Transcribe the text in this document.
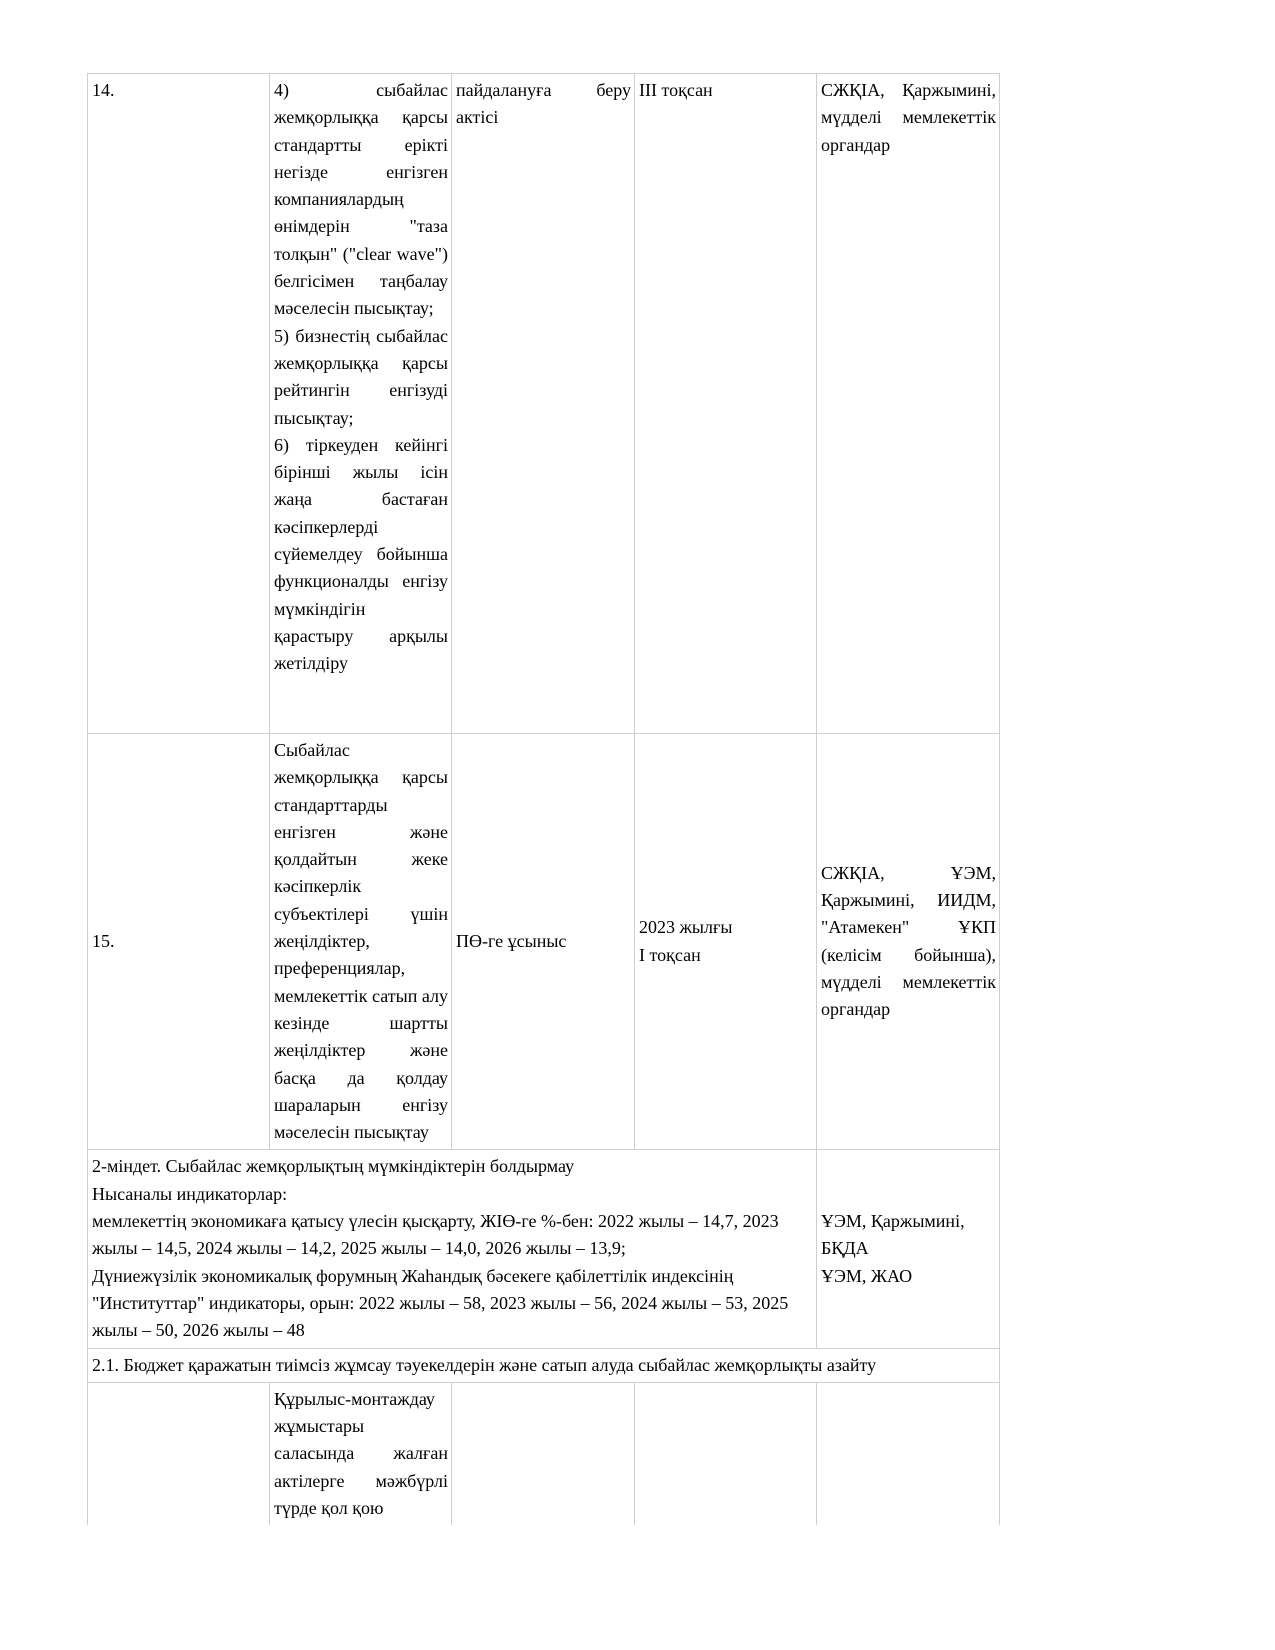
14.	4) сыбайлас жемқорлыққа қарсы стандартты ерікті негізде енгізген компаниялардың өнімдерін "таза толқын" ("clear wave") белгісімен таңбалау мәселесін пысықтау;
5) бизнестің сыбайлас жемқорлыққа қарсы рейтингін енгізуді пысықтау;
6) тіркеуден кейінгі бірінші жылы ісін жаңа бастаған кәсіпкерлерді сүйемелдеу бойынша функционалды енгізу мүмкіндігін қарастыру арқылы жетілдіру	пайдалануға беру актісі	III тоқсан	СЖҚІА, Қаржымині, мүдделі мемлекеттік органдар	
15.	Сыбайлас жемқорлыққа қарсы стандарттарды енгізген және қолдайтын жеке кәсіпкерлік субъектілері үшін жеңілдіктер, преференциялар, мемлекеттік сатып алу кезінде шартты жеңілдіктер және басқа да қолдау шараларын енгізу мәселесін пысықтау	ПӨ-ге ұсыныс	2023 жылғы
I тоқсан	СЖҚІА, ҰЭМ, Қаржымині, ИИДМ, "Атамекен" ҰКП (келісім бойынша), мүдделі мемлекеттік органдар	

2-міндет. Сыбайлас жемқорлықтың мүмкіндіктерін болдырмау
Нысаналы индикаторлар:
мемлекеттің экономикаға қатысу үлесін қысқарту, ЖІӨ-ге %-бен: 2022 жылы – 14,7, 2023 жылы – 14,5, 2024 жылы – 14,2, 2025 жылы – 14,0, 2026 жылы – 13,9;
Дүниежүзілік экономикалық форумның Жаһандық бәсекеге қабілеттілік индексінің "Институттар" индикаторы, орын: 2022 жылы – 58, 2023 жылы – 56, 2024 жылы – 53, 2025 жылы – 50, 2026 жылы – 48				ҰЭМ, Қаржымині, БҚДА
ҰЭМ, ЖАО	

2.1. Бюджет қаражатын тиімсіз жұмсау тәуекелдерін және сатып алуда сыбайлас жемқорлықты азайту					
	Құрылыс-монтаждау жұмыстары саласында жалған актілерге мәжбүрлі түрде қол қою				
